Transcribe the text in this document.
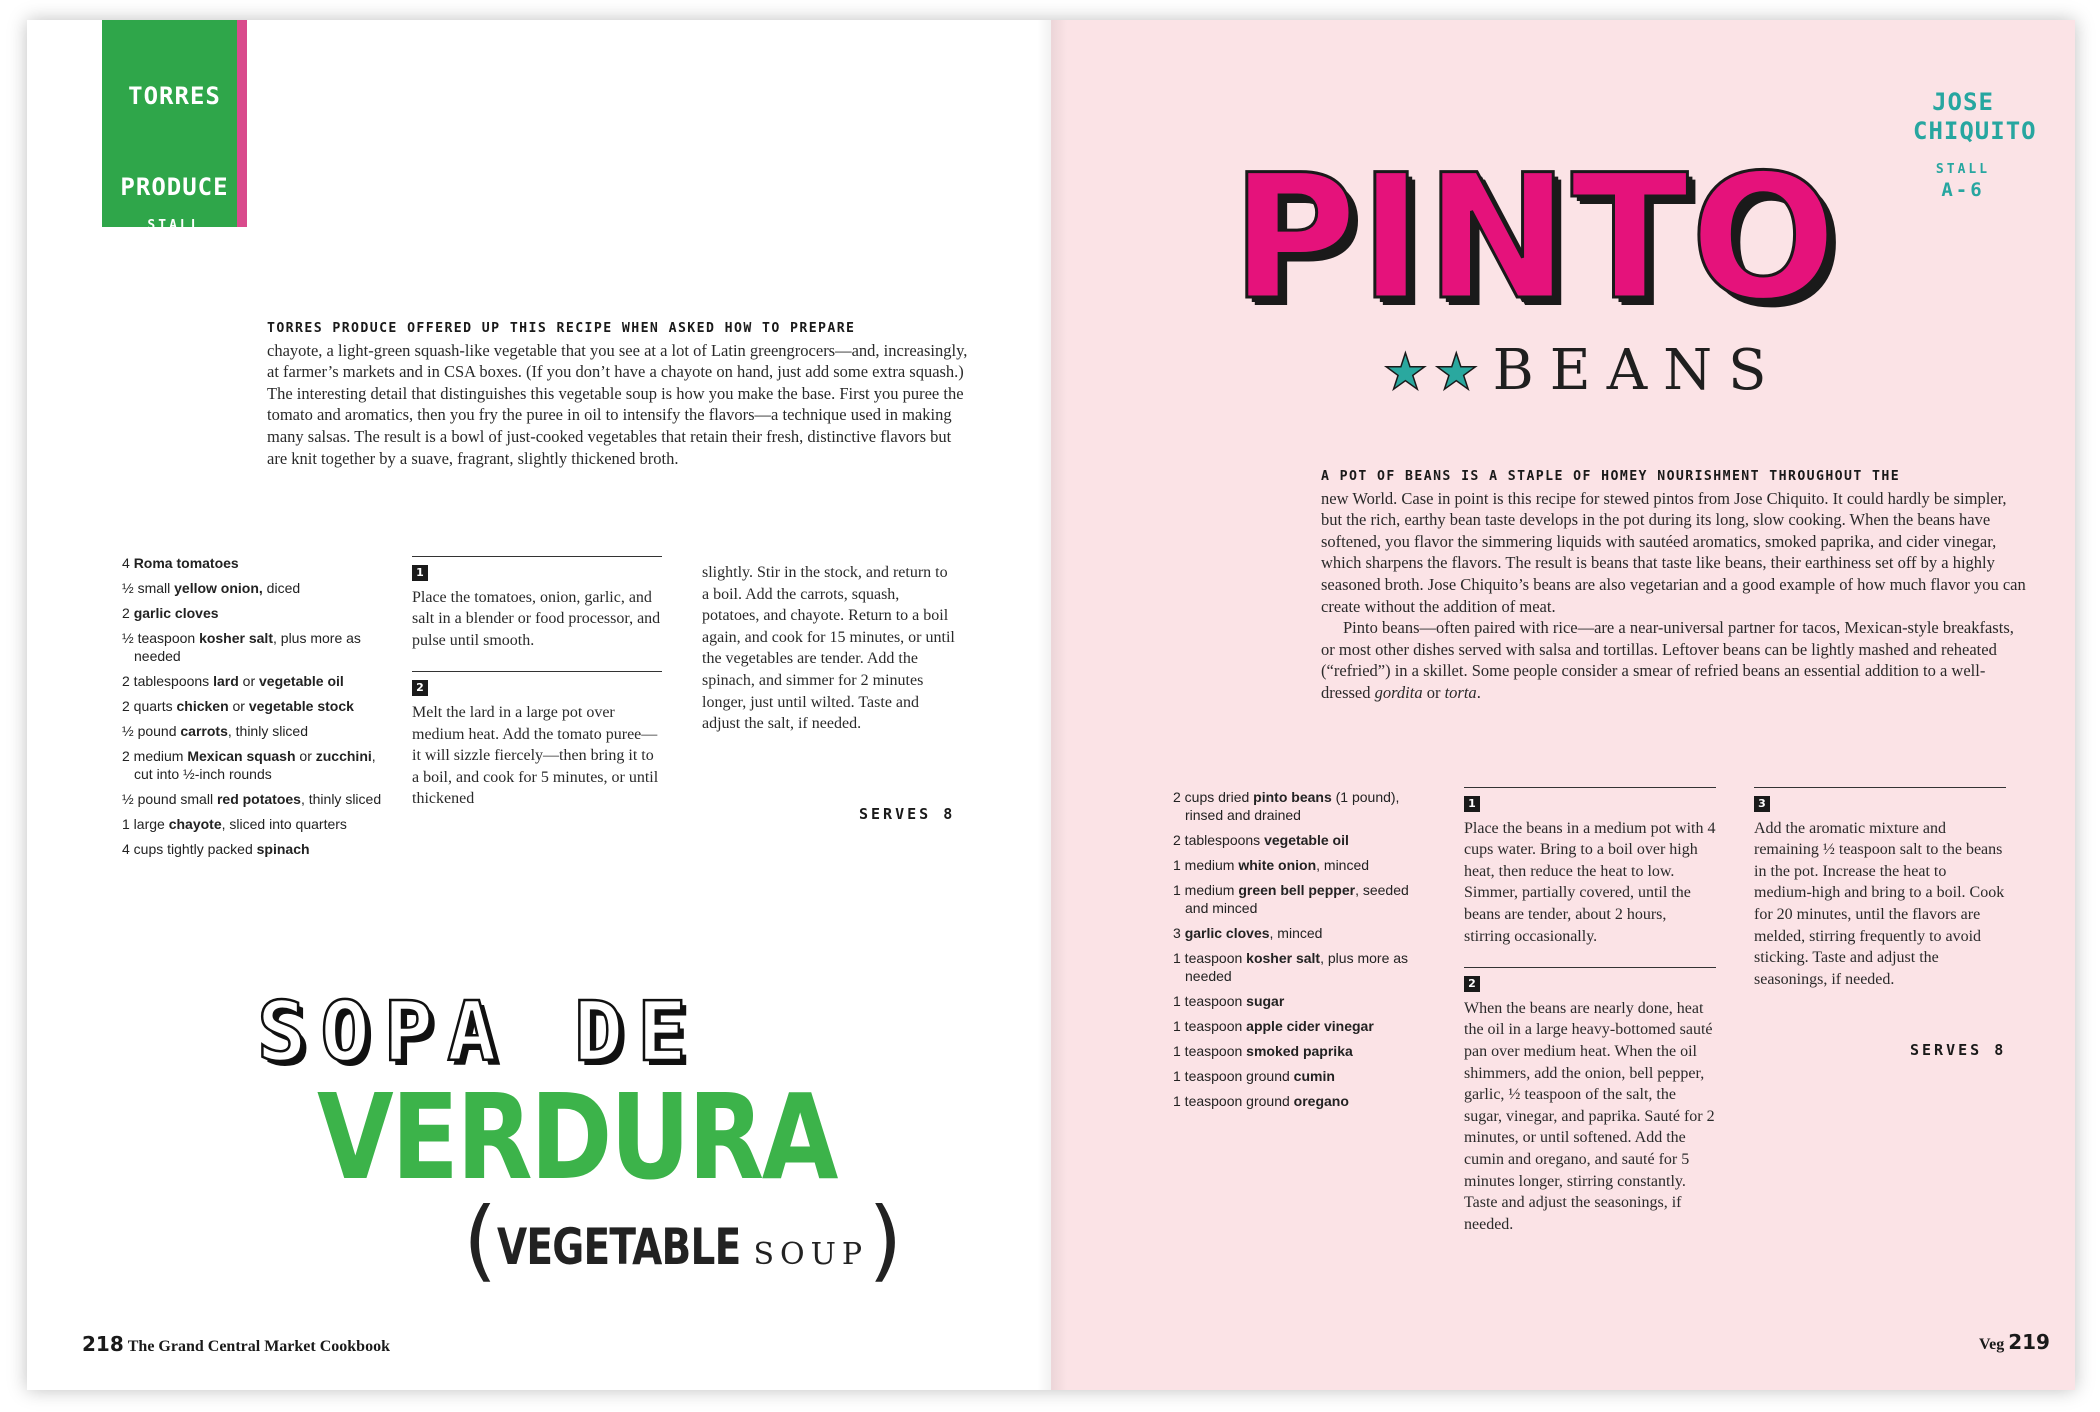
TORRES
PRODUCE
STALL
D-7
TORRES PRODUCE OFFERED UP THIS RECIPE WHEN ASKED HOW TO PREPARE
chayote, a light-green squash-like vegetable that you see at a lot of Latin greengrocers—and, increasingly, at farmer’s markets and in CSA boxes. (If you don’t have a chayote on hand, just add some extra squash.) The interesting detail that distinguishes this vegetable soup is how you make the base. First you puree the tomato and aromatics, then you fry the puree in oil to intensify the flavors—a technique used in making many salsas. The result is a bowl of just-cooked vegetables that retain their fresh, distinctive flavors but are knit together by a suave, fragrant, slightly thickened broth.
4 Roma tomatoes
½ small yellow onion, diced
2 garlic cloves
½ teaspoon kosher salt, plus more as needed
2 tablespoons lard or vegetable oil
2 quarts chicken or vegetable stock
½ pound carrots, thinly sliced
2 medium Mexican squash or zucchini, cut into ½-inch rounds
½ pound small red potatoes, thinly sliced
1 large chayote, sliced into quarters
4 cups tightly packed spinach
1
Place the tomatoes, onion, garlic, and salt in a blender or food processor, and pulse until smooth.
2
Melt the lard in a large pot over medium heat. Add the tomato puree—it will sizzle fiercely—then bring it to a boil, and cook for 5 minutes, or until thickened
slightly. Stir in the stock, and return to a boil. Add the carrots, squash, potatoes, and chayote. Return to a boil again, and cook for 15 minutes, or until the vegetables are tender. Add the spinach, and simmer for 2 minutes longer, just until wilted. Taste and adjust the salt, if needed.
SERVES 8
SOPA DE
VERDURA
(VEGETABLE SOUP)
218 The Grand Central Market Cookbook
JOSE
CHIQUITO
STALL
A-6
PINTO
★ ★ BEANS
A POT OF BEANS IS A STAPLE OF HOMEY NOURISHMENT THROUGHOUT THE
new World. Case in point is this recipe for stewed pintos from Jose Chiquito. It could hardly be simpler, but the rich, earthy bean taste develops in the pot during its long, slow cooking. When the beans have softened, you flavor the simmering liquids with sautéed aromatics, smoked paprika, and cider vinegar, which sharpens the flavors. The result is beans that taste like beans, their earthiness set off by a highly seasoned broth. Jose Chiquito’s beans are also vegetarian and a good example of how much flavor you can create without the addition of meat.
Pinto beans—often paired with rice—are a near-universal partner for tacos, Mexican-style breakfasts, or most other dishes served with salsa and tortillas. Leftover beans can be lightly mashed and reheated (“refried”) in a skillet. Some people consider a smear of refried beans an essential addition to a well-dressed gordita or torta.
2 cups dried pinto beans (1 pound), rinsed and drained
2 tablespoons vegetable oil
1 medium white onion, minced
1 medium green bell pepper, seeded and minced
3 garlic cloves, minced
1 teaspoon kosher salt, plus more as needed
1 teaspoon sugar
1 teaspoon apple cider vinegar
1 teaspoon smoked paprika
1 teaspoon ground cumin
1 teaspoon ground oregano
1
Place the beans in a medium pot with 4 cups water. Bring to a boil over high heat, then reduce the heat to low. Simmer, partially covered, until the beans are tender, about 2 hours, stirring occasionally.
2
When the beans are nearly done, heat the oil in a large heavy-bottomed sauté pan over medium heat. When the oil shimmers, add the onion, bell pepper, garlic, ½ teaspoon of the salt, the sugar, vinegar, and paprika. Sauté for 2 minutes, or until softened. Add the cumin and oregano, and sauté for 5 minutes longer, stirring constantly. Taste and adjust the seasonings, if needed.
3
Add the aromatic mixture and remaining ½ teaspoon salt to the beans in the pot. Increase the heat to medium-high and bring to a boil. Cook for 20 minutes, until the flavors are melded, stirring frequently to avoid sticking. Taste and adjust the seasonings, if needed.
SERVES 8
Veg 219
